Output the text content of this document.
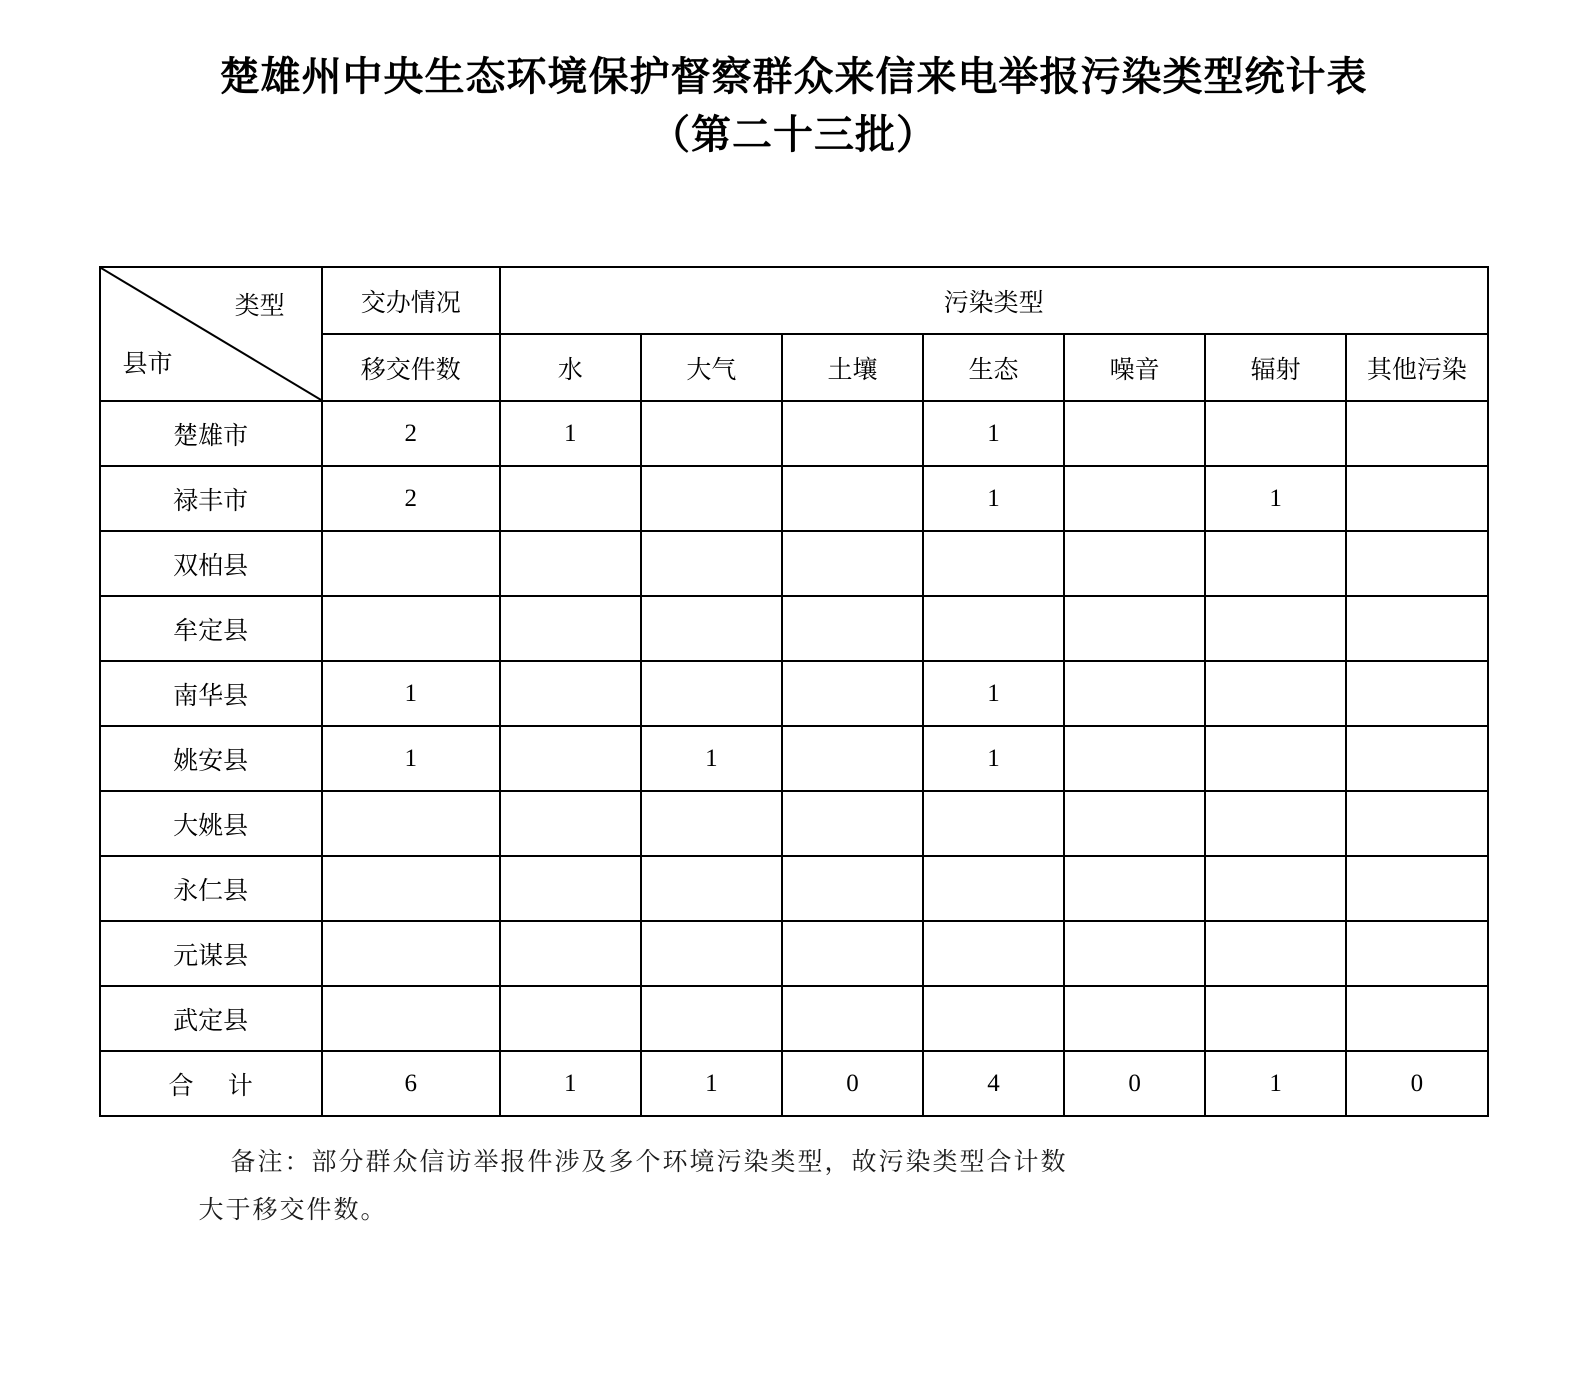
楚雄州中央生态环境保护督察群众来信来电举报污染类型统计表
（第二十三批）
类型
县市	交办情况	污染类型						
	移交件数	水	大气	土壤	生态	噪音	辐射	其他污染
楚雄市	2	1			1			
禄丰市	2				1		1	
双柏县								
牟定县								
南华县	1				1			
姚安县	1		1		1			
大姚县								
永仁县								
元谋县								
武定县								
合 计	6	1	1	0	4	0	1	0
备注：部分群众信访举报件涉及多个环境污染类型，故污染类型合计数
大于移交件数。
